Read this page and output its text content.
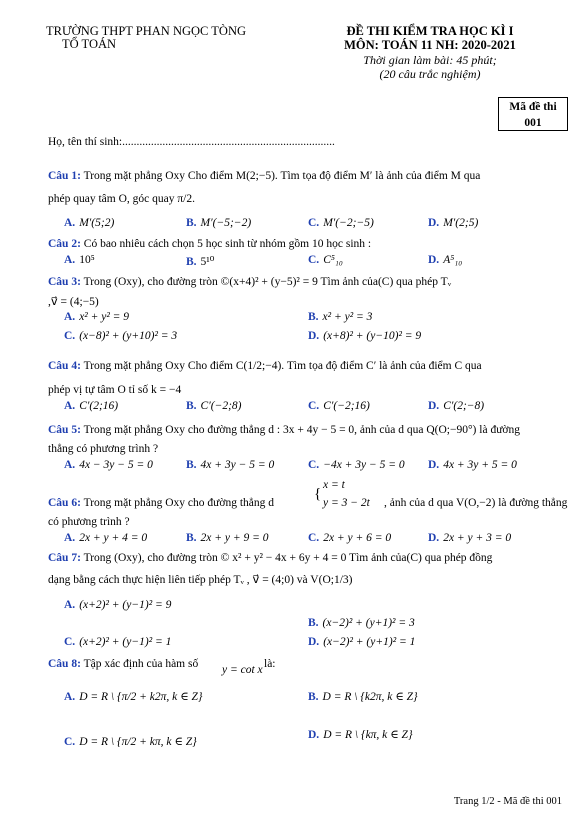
TRƯỜNG THPT PHAN NGỌC TÒNG
TỔ TOÁN
ĐỀ THI KIỂM TRA HỌC KÌ I
MÔN: TOÁN 11 NH: 2020-2021
Thời gian làm bài: 45 phút;
(20 câu trắc nghiệm)
Mã đề thi
001
Họ, tên thí sinh:..........................................................................
Câu 1: Trong mặt phẳng Oxy Cho điểm M(2;−5). Tìm tọa độ điểm M′ là ảnh của điểm M qua
phép quay tâm O, góc quay π/2.
A. M′(5;2)	B. M′(−5;−2)	C. M′(−2;−5)	D. M′(2;5)
Câu 2: Có bao nhiêu cách chọn 5 học sinh từ nhóm gồm 10 học sinh :
A. 10⁵	B. 5¹⁰	C. C⁵₁₀	D. A⁵₁₀
Câu 3: Trong (Oxy), cho đường tròn ©(x+4)² + (y−5)² = 9 Tìm ảnh của(C) qua phép Tᵥ
,v⃗ = (4;−5)
A. x² + y² = 9	B. x² + y² = 3
C. (x−8)² + (y+10)² = 3	D. (x+8)² + (y−10)² = 9
Câu 4: Trong mặt phẳng Oxy Cho điểm C(1/2;−4). Tìm tọa độ điểm C′ là ảnh của điểm C qua
phép vị tự tâm O tỉ số k = −4
A. C′(2;16)	B. C′(−2;8)	C. C′(−2;16)	D. C′(2;−8)
Câu 5: Trong mặt phẳng Oxy cho đường thẳng d : 3x + 4y − 5 = 0, ảnh của d qua Q(O;−90°) là đường
thẳng có phương trình ?
A. 4x − 3y − 5 = 0	B. 4x + 3y − 5 = 0	C. −4x + 3y − 5 = 0 D. 4x + 3y + 5 = 0
Câu 6: Trong mặt phẳng Oxy cho đường thẳng d
{
x = t
y = 3 − 2t , ảnh của d qua V(O,−2) là đường thẳng
có phương trình ?
A. 2x + y + 4 = 0	B. 2x + y + 9 = 0	C. 2x + y + 6 = 0	D. 2x + y + 3 = 0
Câu 7: Trong (Oxy), cho đường tròn © x² + y² − 4x + 6y + 4 = 0 Tìm ảnh của(C) qua phép đồng
dạng bằng cách thực hiện liên tiếp phép Tᵥ , v⃗ = (4;0) và V(O;1/3)
A. (x+2)² + (y−1)² = 9
B. (x−2)² + (y+1)² = 3
C. (x+2)² + (y−1)² = 1	D. (x−2)² + (y+1)² = 1
Câu 8: Tập xác định của hàm số y = cot x là:
A. D = R \ {π/2 + k2π, k ∈ Z}	B. D = R \ {k2π, k ∈ Z}
C. D = R \ {π/2 + kπ, k ∈ Z}
D. D = R \ {kπ, k ∈ Z}
Trang 1/2 - Mã đề thi 001
